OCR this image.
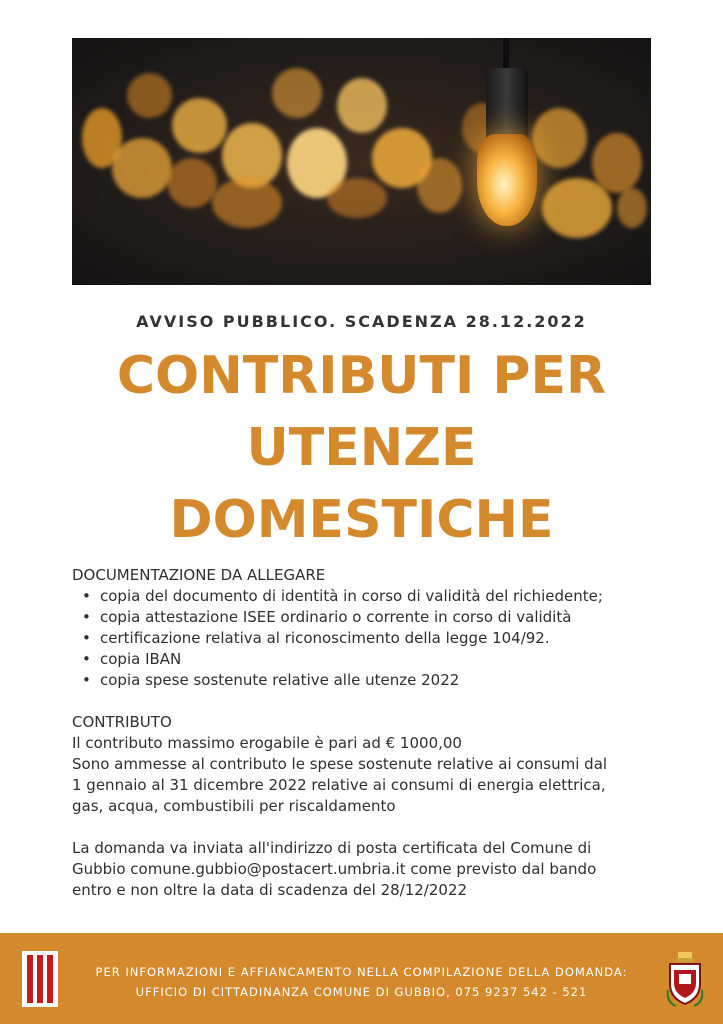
AVVISO PUBBLICO. SCADENZA 28.12.2022
CONTRIBUTI PER
UTENZE
DOMESTICHE
DOCUMENTAZIONE DA ALLEGARE
• copia del documento di identità in corso di validità del richiedente;
• copia attestazione ISEE ordinario o corrente in corso di validità
• certificazione relativa al riconoscimento della legge 104/92.
• copia IBAN
• copia spese sostenute relative alle utenze 2022
CONTRIBUTO

Il contributo massimo erogabile è pari ad € 1000,00

Sono ammesse al contributo le spese sostenute relative ai consumi dal

1 gennaio al 31 dicembre 2022 relative ai consumi di energia elettrica,

gas, acqua, combustibili per riscaldamento

La domanda va inviata all'indirizzo di posta certificata del Comune di

Gubbio comune.gubbio@postacert.umbria.it come previsto dal bando

entro e non oltre la data di scadenza del 28/12/2022

PER INFORMAZIONI E AFFIANCAMENTO NELLA COMPILAZIONE DELLA DOMANDA:
UFFICIO DI CITTADINANZA COMUNE DI GUBBIO, 075 9237 542 - 521
